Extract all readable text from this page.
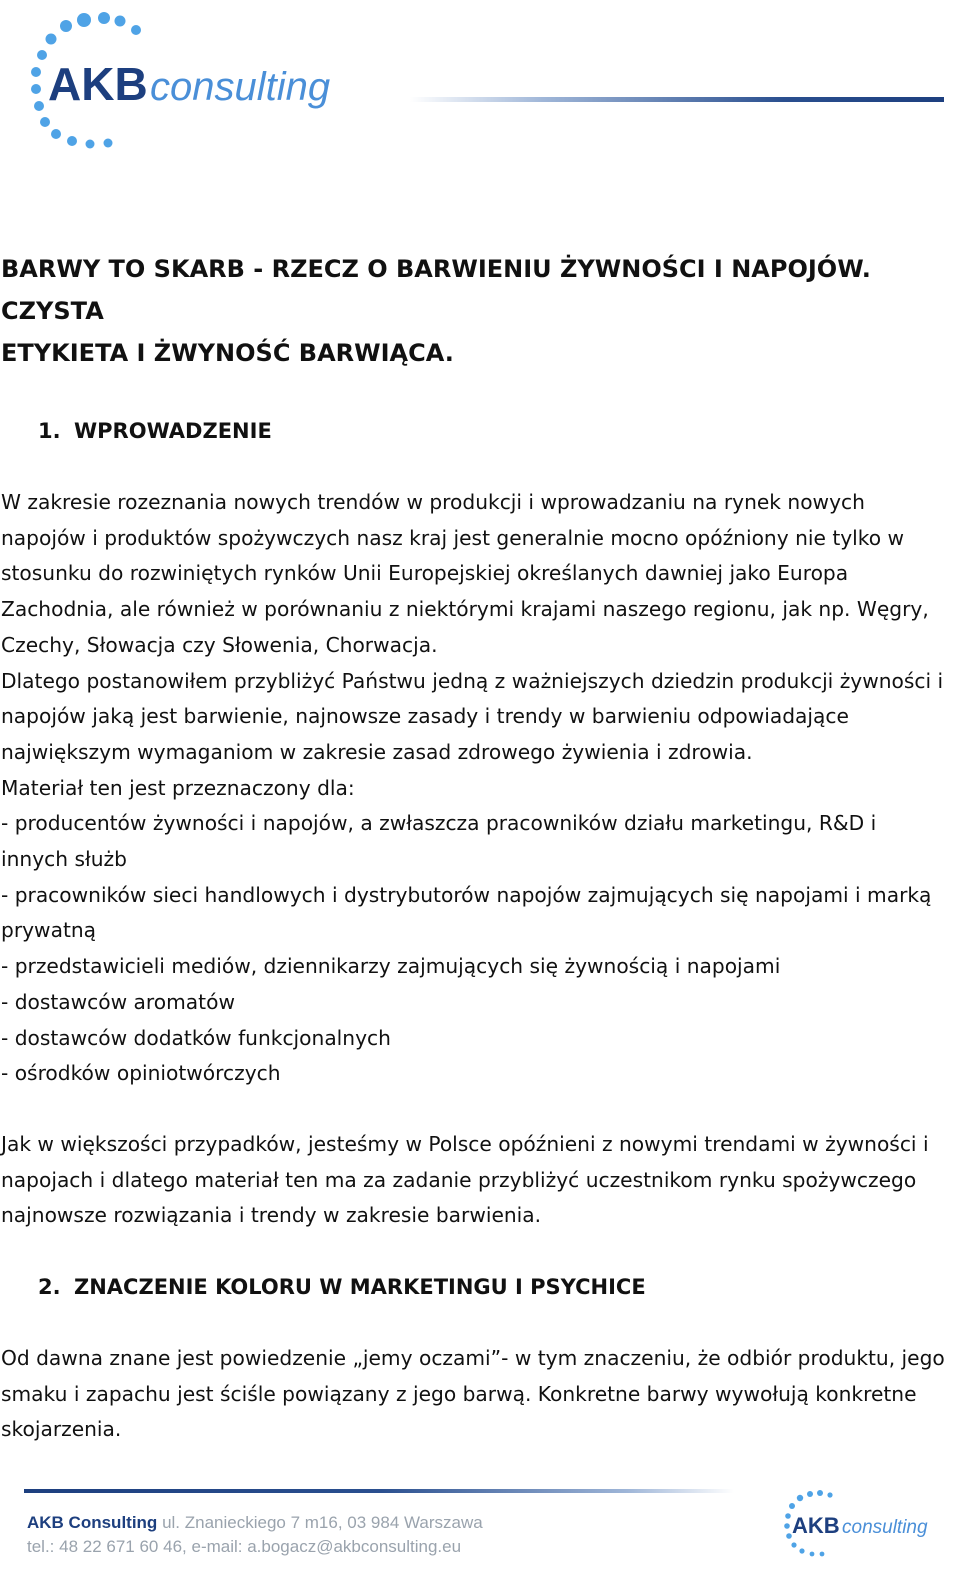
AKB consulting
BARWY TO SKARB - RZECZ O BARWIENIU ŻYWNOŚCI I NAPOJÓW. CZYSTA
ETYKIETA I ŻWYNOŚĆ BARWIĄCA.
1. WPROWADZENIE
W zakresie rozeznania nowych trendów w produkcji i wprowadzaniu na rynek nowych
napojów i produktów spożywczych nasz kraj jest generalnie mocno opóźniony nie tylko w
stosunku do rozwiniętych rynków Unii Europejskiej określanych dawniej jako Europa
Zachodnia, ale również w porównaniu z niektórymi krajami naszego regionu, jak np. Węgry,
Czechy, Słowacja czy Słowenia, Chorwacja.
Dlatego postanowiłem przybliżyć Państwu jedną z ważniejszych dziedzin produkcji żywności i
napojów jaką jest barwienie, najnowsze zasady i trendy w barwieniu odpowiadające
największym wymaganiom w zakresie zasad zdrowego żywienia i zdrowia.
Materiał ten jest przeznaczony dla:
- producentów żywności i napojów, a zwłaszcza pracowników działu marketingu, R&D i
innych służb
- pracowników sieci handlowych i dystrybutorów napojów zajmujących się napojami i marką
prywatną
- przedstawicieli mediów, dziennikarzy zajmujących się żywnością i napojami
- dostawców aromatów
- dostawców dodatków funkcjonalnych
- ośrodków opiniotwórczych
Jak w większości przypadków, jesteśmy w Polsce opóźnieni z nowymi trendami w żywności i
napojach i dlatego materiał ten ma za zadanie przybliżyć uczestnikom rynku spożywczego
najnowsze rozwiązania i trendy w zakresie barwienia.
2. ZNACZENIE KOLORU W MARKETINGU I PSYCHICE
Od dawna znane jest powiedzenie „jemy oczami”- w tym znaczeniu, że odbiór produktu, jego
smaku i zapachu jest ściśle powiązany z jego barwą. Konkretne barwy wywołują konkretne
skojarzenia.
AKB Consulting ul. Znanieckiego 7 m16, 03 984 Warszawa
tel.: 48 22 671 60 46, e-mail: a.bogacz@akbconsulting.eu
AKB consulting
